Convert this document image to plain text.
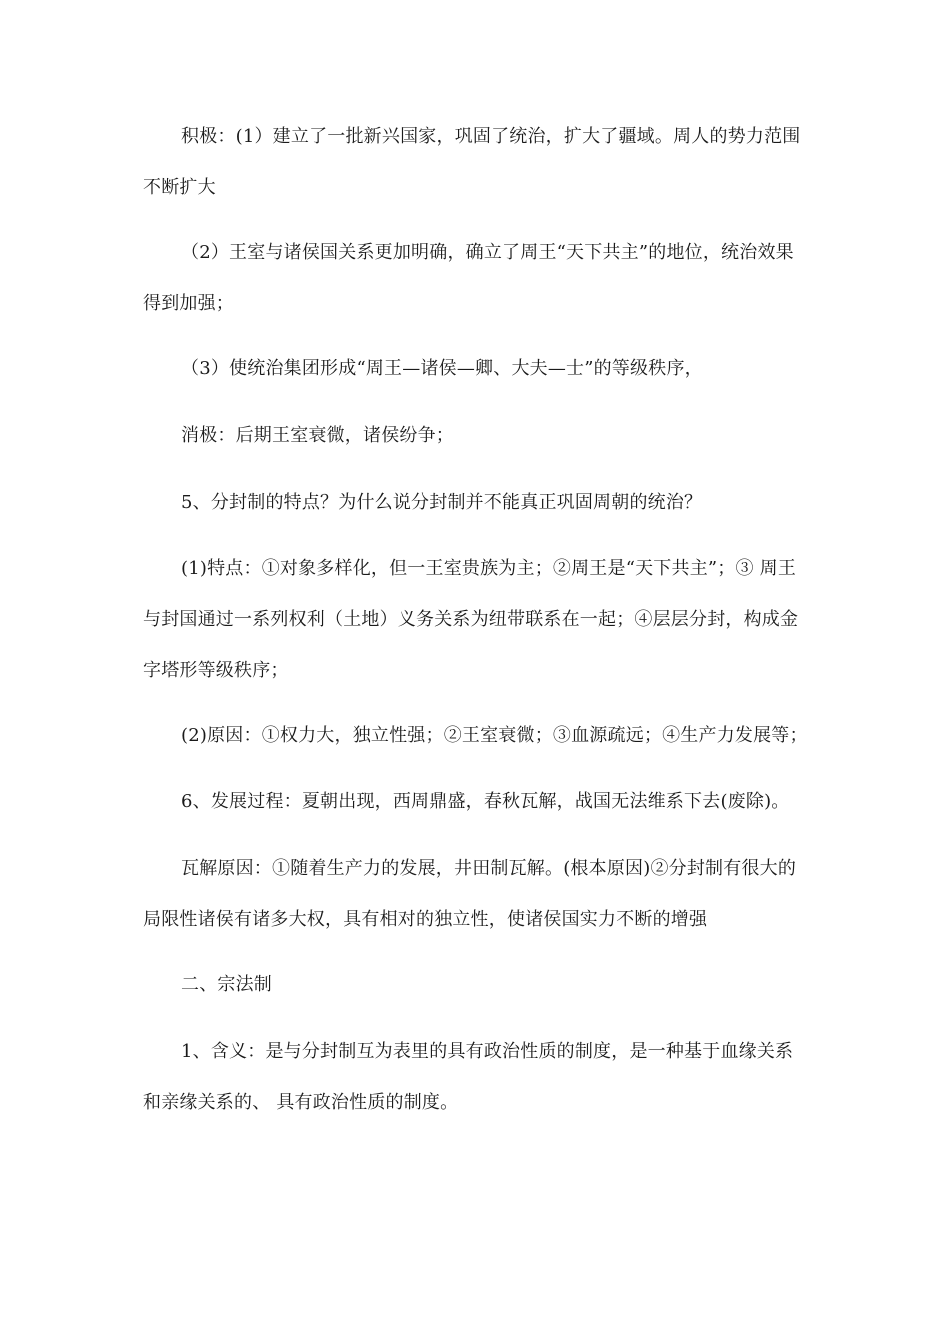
积极：(1）建立了一批新兴国家，巩固了统治，扩大了疆域。周人的势力范围不断扩大

（2）王室与诸侯国关系更加明确，确立了周王“天下共主”的地位，统治效果得到加强；

（3）使统治集团形成“周王—诸侯—卿、大夫—士”的等级秩序，

消极：后期王室衰微，诸侯纷争；

5、分封制的特点？为什么说分封制并不能真正巩固周朝的统治？

(1)特点：①对象多样化，但一王室贵族为主；②周王是“天下共主”；③ 周王与封国通过一系列权利（土地）义务关系为纽带联系在一起；④层层分封，构成金字塔形等级秩序；

(2)原因：①权力大，独立性强；②王室衰微；③血源疏远；④生产力发展等；

6、发展过程：夏朝出现，西周鼎盛，春秋瓦解，战国无法维系下去(废除)。

瓦解原因：①随着生产力的发展，井田制瓦解。(根本原因)②分封制有很大的局限性诸侯有诸多大权，具有相对的独立性，使诸侯国实力不断的增强

二、宗法制

1、含义：是与分封制互为表里的具有政治性质的制度，是一种基于血缘关系和亲缘关系的、 具有政治性质的制度。
